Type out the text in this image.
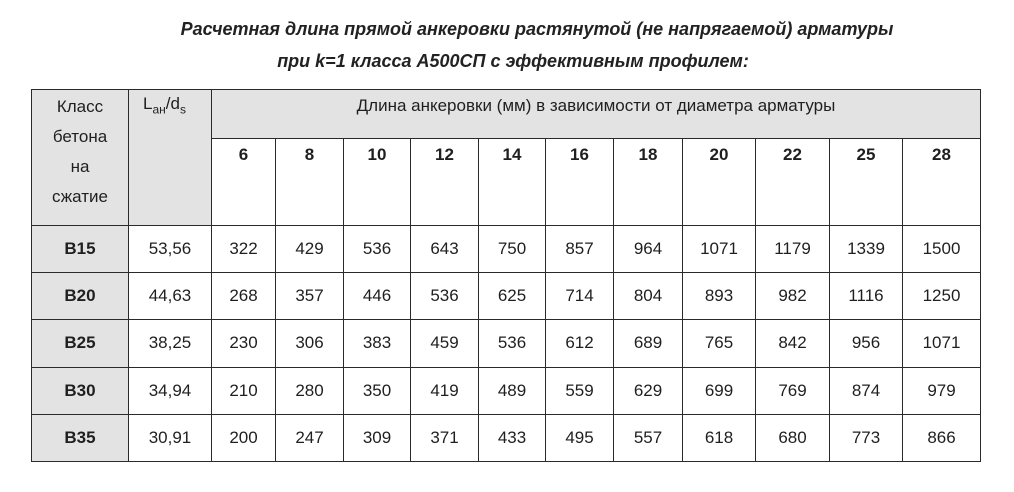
Расчетная длина прямой анкеровки растянутой (не напрягаемой) арматуры

при k=1 класса А500СП с эффективным профилем:

Класс
бетона
на
сжатие	$L_{ан}/d_s$	Длина анкеровки (мм) в зависимости от диаметра арматуры										
		6	8	10	12	14	16	18	20	22	25	28
В15	53,56	322	429	536	643	750	857	964	1071	1179	1339	1500
В20	44,63	268	357	446	536	625	714	804	893	982	1116	1250
В25	38,25	230	306	383	459	536	612	689	765	842	956	1071
В30	34,94	210	280	350	419	489	559	629	699	769	874	979
В35	30,91	200	247	309	371	433	495	557	618	680	773	866
